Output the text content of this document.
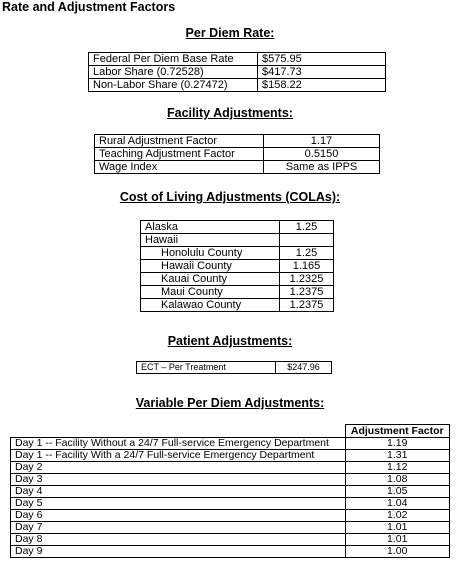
Rate and Adjustment Factors
Per Diem Rate:
Federal Per Diem Base Rate	$575.95
Labor Share (0.72528)	$417.73
Non-Labor Share (0.27472)	$158.22
Facility Adjustments:
Rural Adjustment Factor	1.17
Teaching Adjustment Factor	0.5150
Wage Index	Same as IPPS
Cost of Living Adjustments (COLAs):
Alaska	1.25
Hawaii	
Honolulu County	1.25
Hawaii County	1.165
Kauai County	1.2325
Maui County	1.2375
Kalawao County	1.2375
Patient Adjustments:
ECT – Per Treatment	$247.96
Variable Per Diem Adjustments:
	Adjustment Factor
Day 1 -- Facility Without a 24/7 Full-service Emergency Department	1.19
Day 1 -- Facility With a 24/7 Full-service Emergency Department	1.31
Day 2	1.12
Day 3	1.08
Day 4	1.05
Day 5	1.04
Day 6	1.02
Day 7	1.01
Day 8	1.01
Day 9	1.00
